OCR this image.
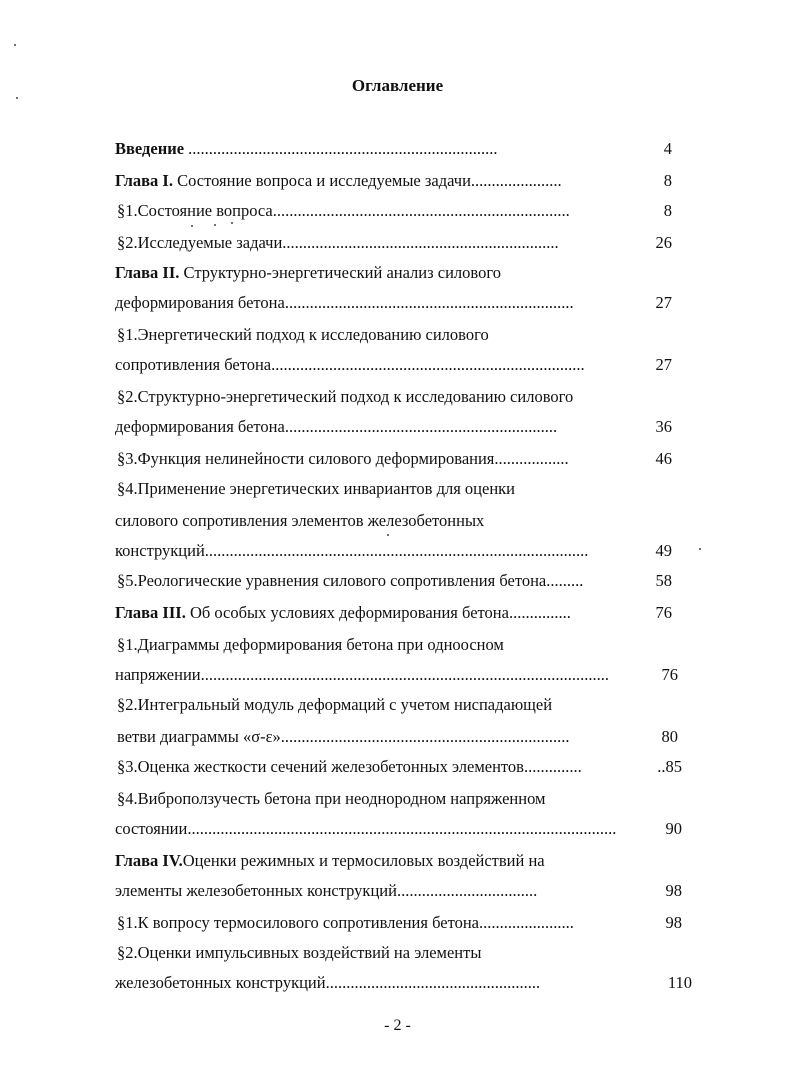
Оглавление
Введение ...........................................................................	4
Глава I. Состояние вопроса и исследуемые задачи......................	8
§1.Состояние вопроса........................................................................	8
§2.Исследуемые задачи...................................................................	26
Глава II. Структурно-энергетический анализ силового
деформирования бетона......................................................................	27
§1.Энергетический подход к исследованию силового
сопротивления бетона............................................................................	27
§2.Структурно-энергетический подход к исследованию силового
деформирования бетона..................................................................	36
§3.Функция нелинейности силового деформирования..................	46
§4.Применение энергетических инвариантов для оценки
силового сопротивления элементов железобетонных
конструкций.............................................................................................	49
§5.Реологические уравнения силового сопротивления бетона.........	58
Глава III. Об особых условиях деформирования бетона...............	76
§1.Диаграммы деформирования бетона при одноосном
напряжении...................................................................................................	76
§2.Интегральный модуль деформаций с учетом ниспадающей
ветви диаграммы «σ-ε»......................................................................	80
§3.Оценка жесткости сечений железобетонных элементов..............	..85
§4.Виброползучесть бетона при неоднородном напряженном
состоянии........................................................................................................	90
Глава IV.Оценки режимных и термосиловых воздействий на
элементы железобетонных конструкций..................................	98
§1.К вопросу термосилового сопротивления бетона.......................	98
§2.Оценки импульсивных воздействий на элементы
железобетонных конструкций....................................................	110
- 2 -
